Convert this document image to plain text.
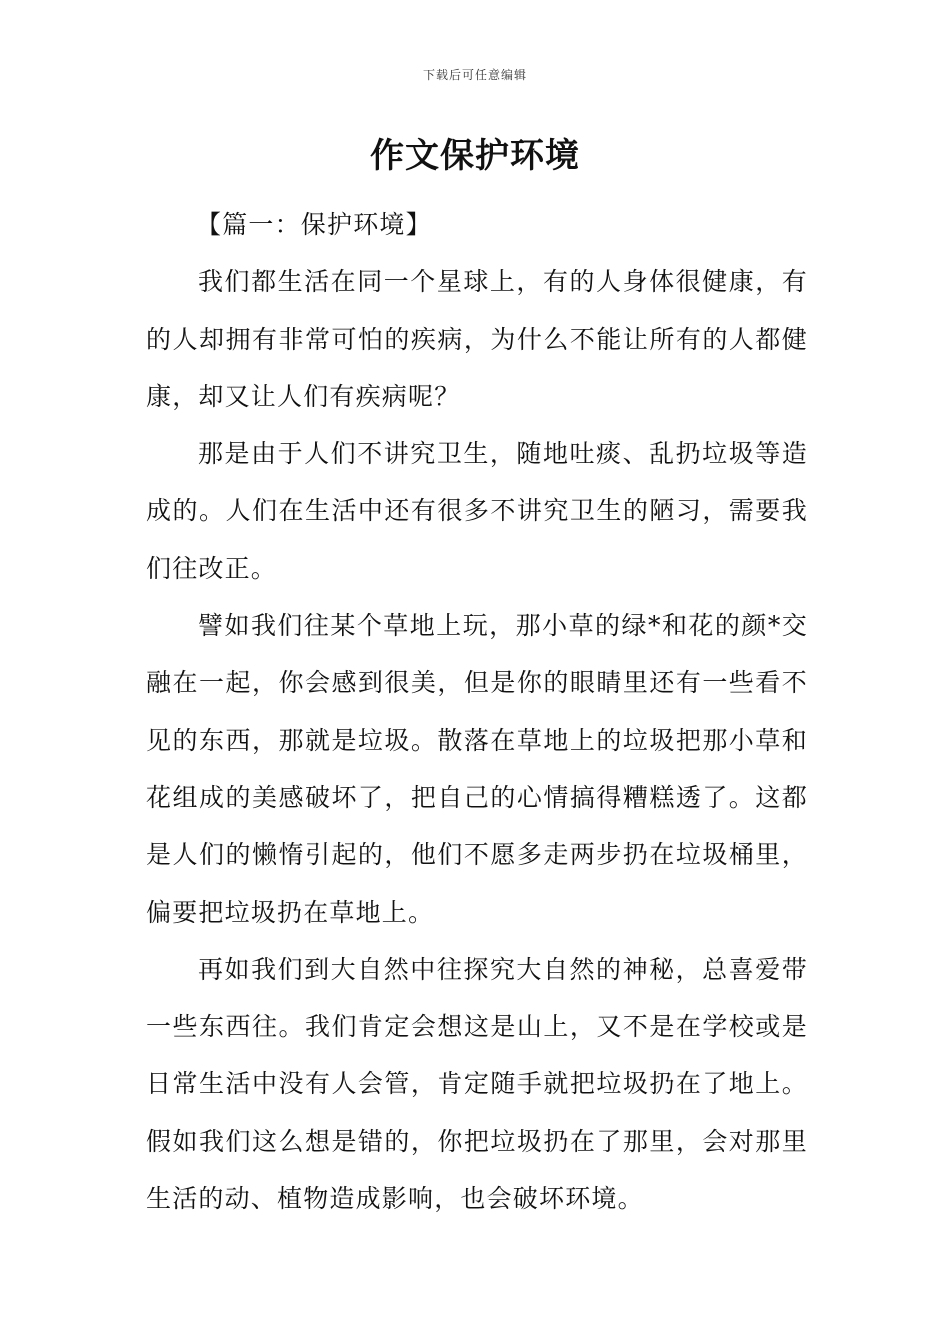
下载后可任意编辑
作文保护环境

【篇一：保护环境】

我们都生活在同一个星球上，有的人身体很健康，有的人却拥有非常可怕的疾病，为什么不能让所有的人都健康，却又让人们有疾病呢？

那是由于人们不讲究卫生，随地吐痰、乱扔垃圾等造成的。人们在生活中还有很多不讲究卫生的陋习，需要我们往改正。

譬如我们往某个草地上玩，那小草的绿*和花的颜*交融在一起，你会感到很美，但是你的眼睛里还有一些看不见的东西，那就是垃圾。散落在草地上的垃圾把那小草和花组成的美感破坏了，把自己的心情搞得糟糕透了。这都是人们的懒惰引起的，他们不愿多走两步扔在垃圾桶里，偏要把垃圾扔在草地上。

再如我们到大自然中往探究大自然的神秘，总喜爱带一些东西往。我们肯定会想这是山上，又不是在学校或是日常生活中没有人会管，肯定随手就把垃圾扔在了地上。假如我们这么想是错的，你把垃圾扔在了那里，会对那里生活的动、植物造成影响，也会破坏环境。
